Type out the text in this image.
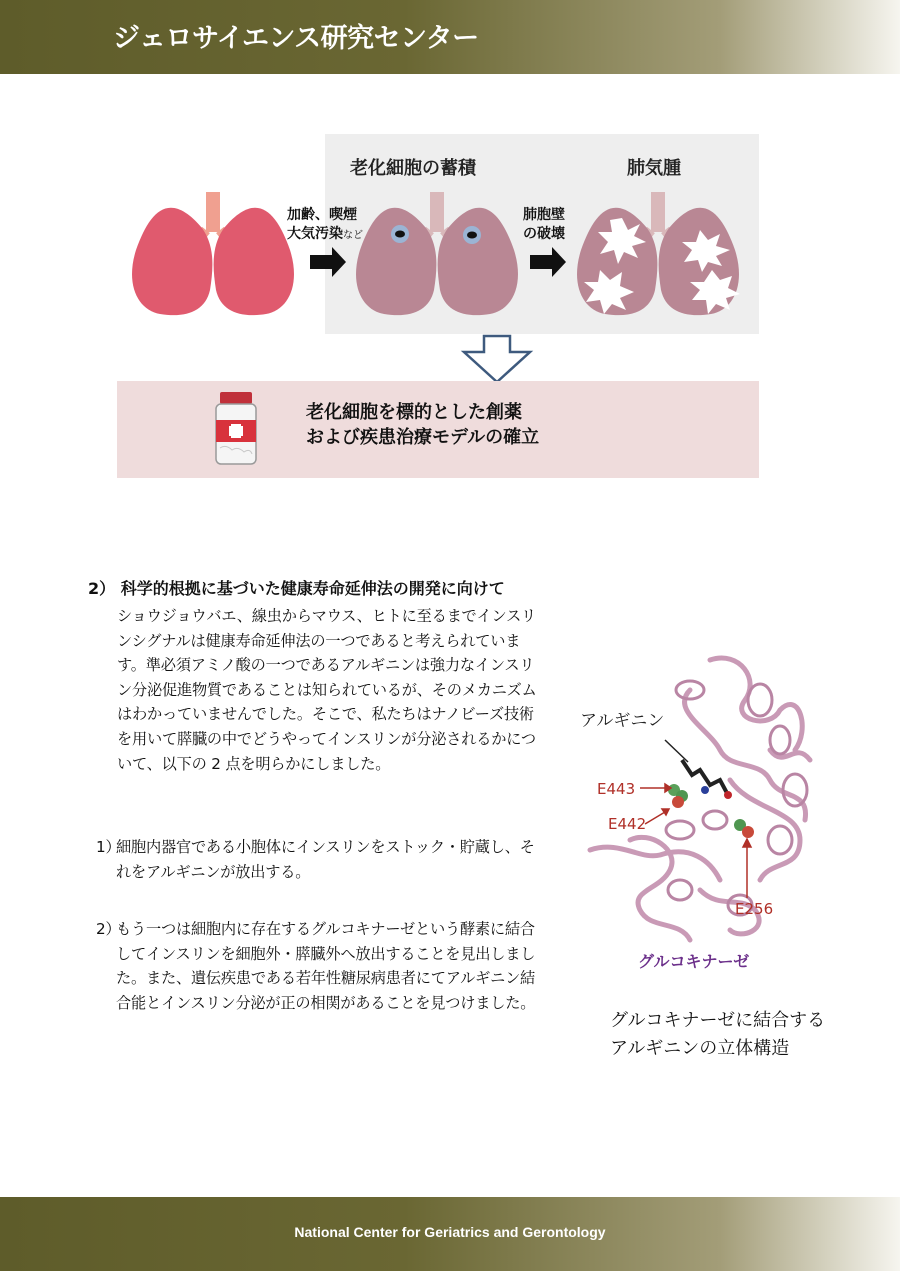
ジェロサイエンス研究センター
老化細胞の蓄積	肺気腫
加齢、喫煙
大気汚染など
肺胞壁
の破壊
老化細胞を標的とした創薬
および疾患治療モデルの確立
2） 科学的根拠に基づいた健康寿命延伸法の開発に向けて
ショウジョウバエ、線虫からマウス、ヒトに至るまでインスリンシグナルは健康寿命延伸法の一つであると考えられています。準必須アミノ酸の一つであるアルギニンは強力なインスリン分泌促進物質であることは知られているが、そのメカニズムはわかっていませんでした。そこで、私たちはナノビーズ技術を用いて膵臓の中でどうやってインスリンが分泌されるかについて、以下の 2 点を明らかにしました。
1）
細胞内器官である小胞体にインスリンをストック・貯蔵し、それをアルギニンが放出する。
2）
もう一つは細胞内に存在するグルコキナーゼという酵素に結合してインスリンを細胞外・膵臓外へ放出することを見出しました。また、遺伝疾患である若年性糖尿病患者にてアルギニン結合能とインスリン分泌が正の相関があることを見つけました。
アルギニン
E443
E442
E256
グルコキナーゼ
グルコキナーゼに結合する
アルギニンの立体構造
National Center for Geriatrics and Gerontology
